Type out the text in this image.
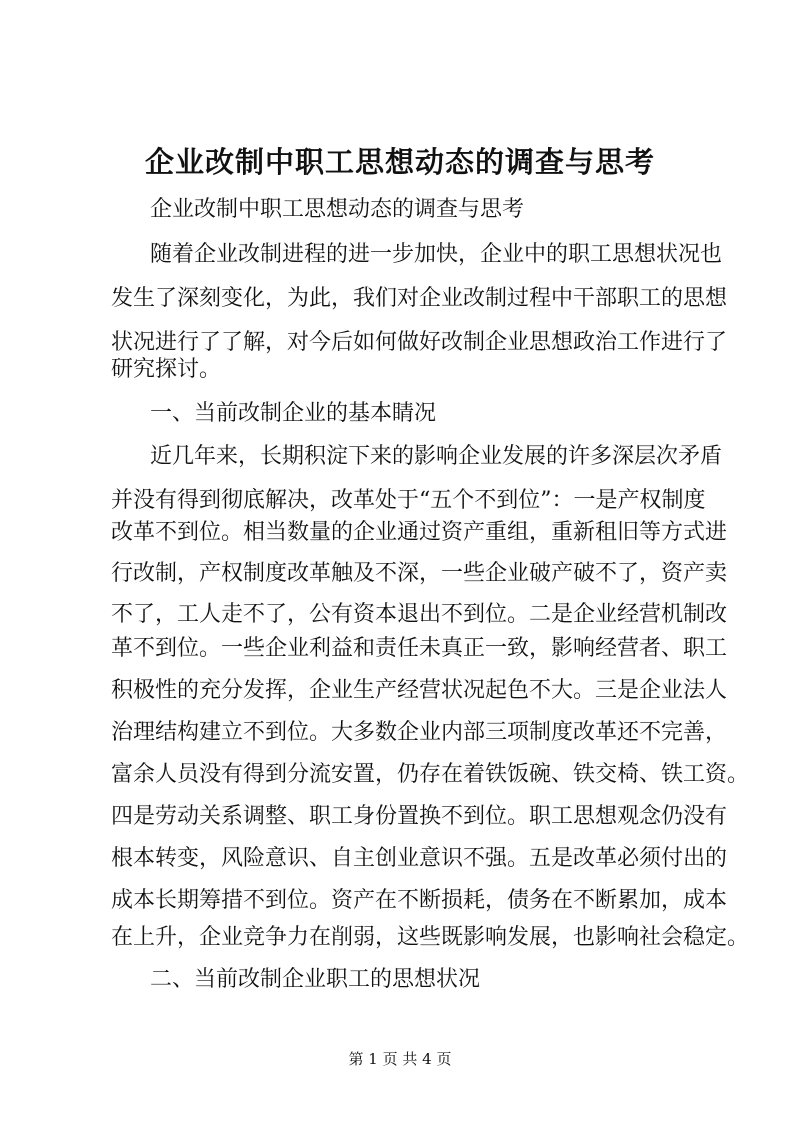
企业改制中职工思想动态的调查与思考
企业改制中职工思想动态的调查与思考
随着企业改制进程的进一步加快，企业中的职工思想状况也
发生了深刻变化，为此，我们对企业改制过程中干部职工的思想
状况进行了了解，对今后如何做好改制企业思想政治工作进行了
研究探讨。
一、当前改制企业的基本睛况
近几年来，长期积淀下来的影响企业发展的许多深层次矛盾
并没有得到彻底解决，改革处于“五个不到位”：一是产权制度
改革不到位。相当数量的企业通过资产重组，重新租旧等方式进
行改制，产权制度改革触及不深，一些企业破产破不了，资产卖
不了，工人走不了，公有资本退出不到位。二是企业经营机制改
革不到位。一些企业利益和责任未真正一致，影响经营者、职工
积极性的充分发挥，企业生产经营状况起色不大。三是企业法人
治理结构建立不到位。大多数企业内部三项制度改革还不完善，
富余人员没有得到分流安置，仍存在着铁饭碗、铁交椅、铁工资。
四是劳动关系调整、职工身份置换不到位。职工思想观念仍没有
根本转变，风险意识、自主创业意识不强。五是改革必须付出的
成本长期筹措不到位。资产在不断损耗，债务在不断累加，成本
在上升，企业竞争力在削弱，这些既影响发展，也影响社会稳定。
二、当前改制企业职工的思想状况
第 1 页 共 4 页
